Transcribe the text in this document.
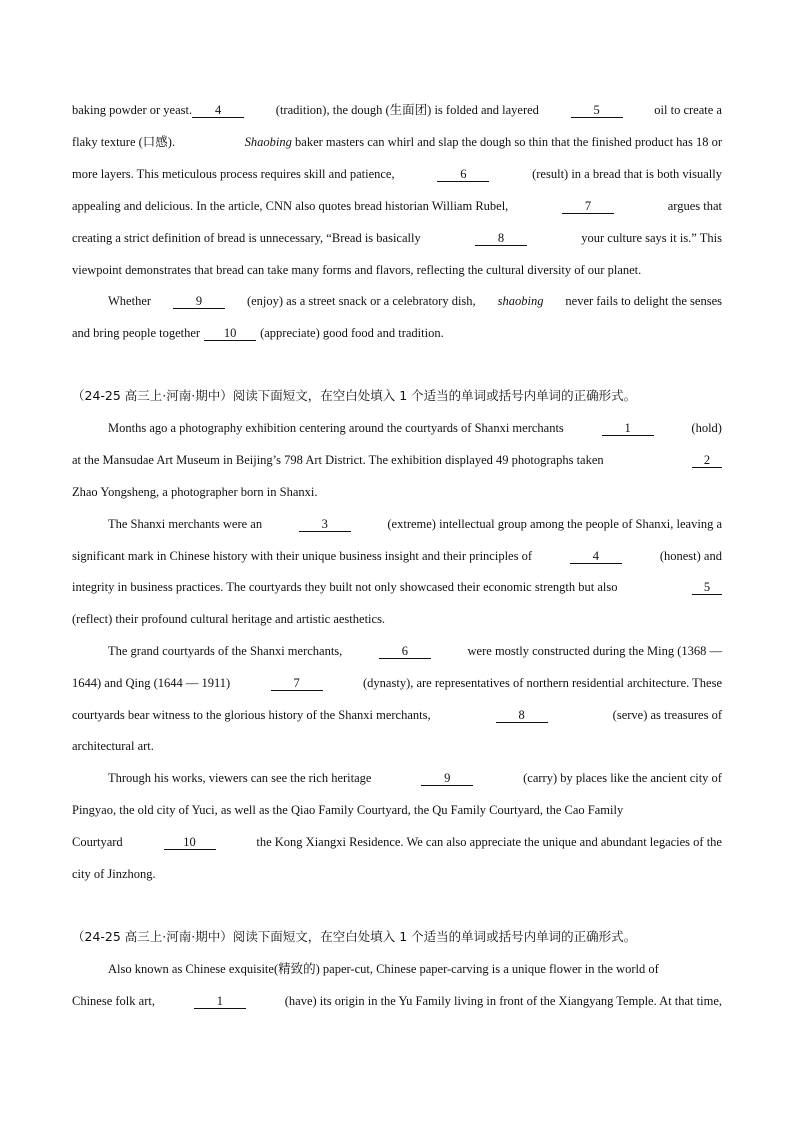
baking powder or yeast. 4	(tradition), the dough (生面团) is folded and layered	5	oil to create a
flaky texture (口感).	Shaobing baker masters can whirl and slap the dough so thin that the finished product has 18 or
more layers. This meticulous process requires skill and patience,	6	(result) in a bread that is both visually
appealing and delicious. In the article, CNN also quotes bread historian William Rubel,	7	argues that
creating a strict definition of bread is unnecessary, “Bread is basically	8	your culture says it is.” This
viewpoint demonstrates that bread can take many forms and flavors, reflecting the cultural diversity of our planet.
Whether	9	(enjoy) as a street snack or a celebratory dish, shaobing never fails to delight the senses
and bring people together	10	(appreciate) good food and tradition.
（24-25 高三上·河南·期中）阅读下面短文，在空白处填入 1 个适当的单词或括号内单词的正确形式。
Months ago a photography exhibition centering around the courtyards of Shanxi merchants	1	(hold)
at the Mansudae Art Museum in Beijing’s 798 Art District. The exhibition displayed 49 photographs taken	2
Zhao Yongsheng, a photographer born in Shanxi.
The Shanxi merchants were an	3	(extreme) intellectual group among the people of Shanxi, leaving a
significant mark in Chinese history with their unique business insight and their principles of	4	(honest) and
integrity in business practices. The courtyards they built not only showcased their economic strength but also	5
(reflect) their profound cultural heritage and artistic aesthetics.
The grand courtyards of the Shanxi merchants,	6	were mostly constructed during the Ming (1368 —
1644) and Qing (1644 — 1911)	7	(dynasty), are representatives of northern residential architecture. These
courtyards bear witness to the glorious history of the Shanxi merchants,	8	(serve) as treasures of
architectural art.
Through his works, viewers can see the rich heritage	9	(carry) by places like the ancient city of
Pingyao, the old city of Yuci, as well as the Qiao Family Courtyard, the Qu Family Courtyard, the Cao Family
Courtyard	10	the Kong Xiangxi Residence. We can also appreciate the unique and abundant legacies of the
city of Jinzhong.
（24-25 高三上·河南·期中）阅读下面短文，在空白处填入 1 个适当的单词或括号内单词的正确形式。
Also known as Chinese exquisite(精致的) paper-cut, Chinese paper-carving is a unique flower in the world of
Chinese folk art,	1	(have) its origin in the Yu Family living in front of the Xiangyang Temple. At that time,
